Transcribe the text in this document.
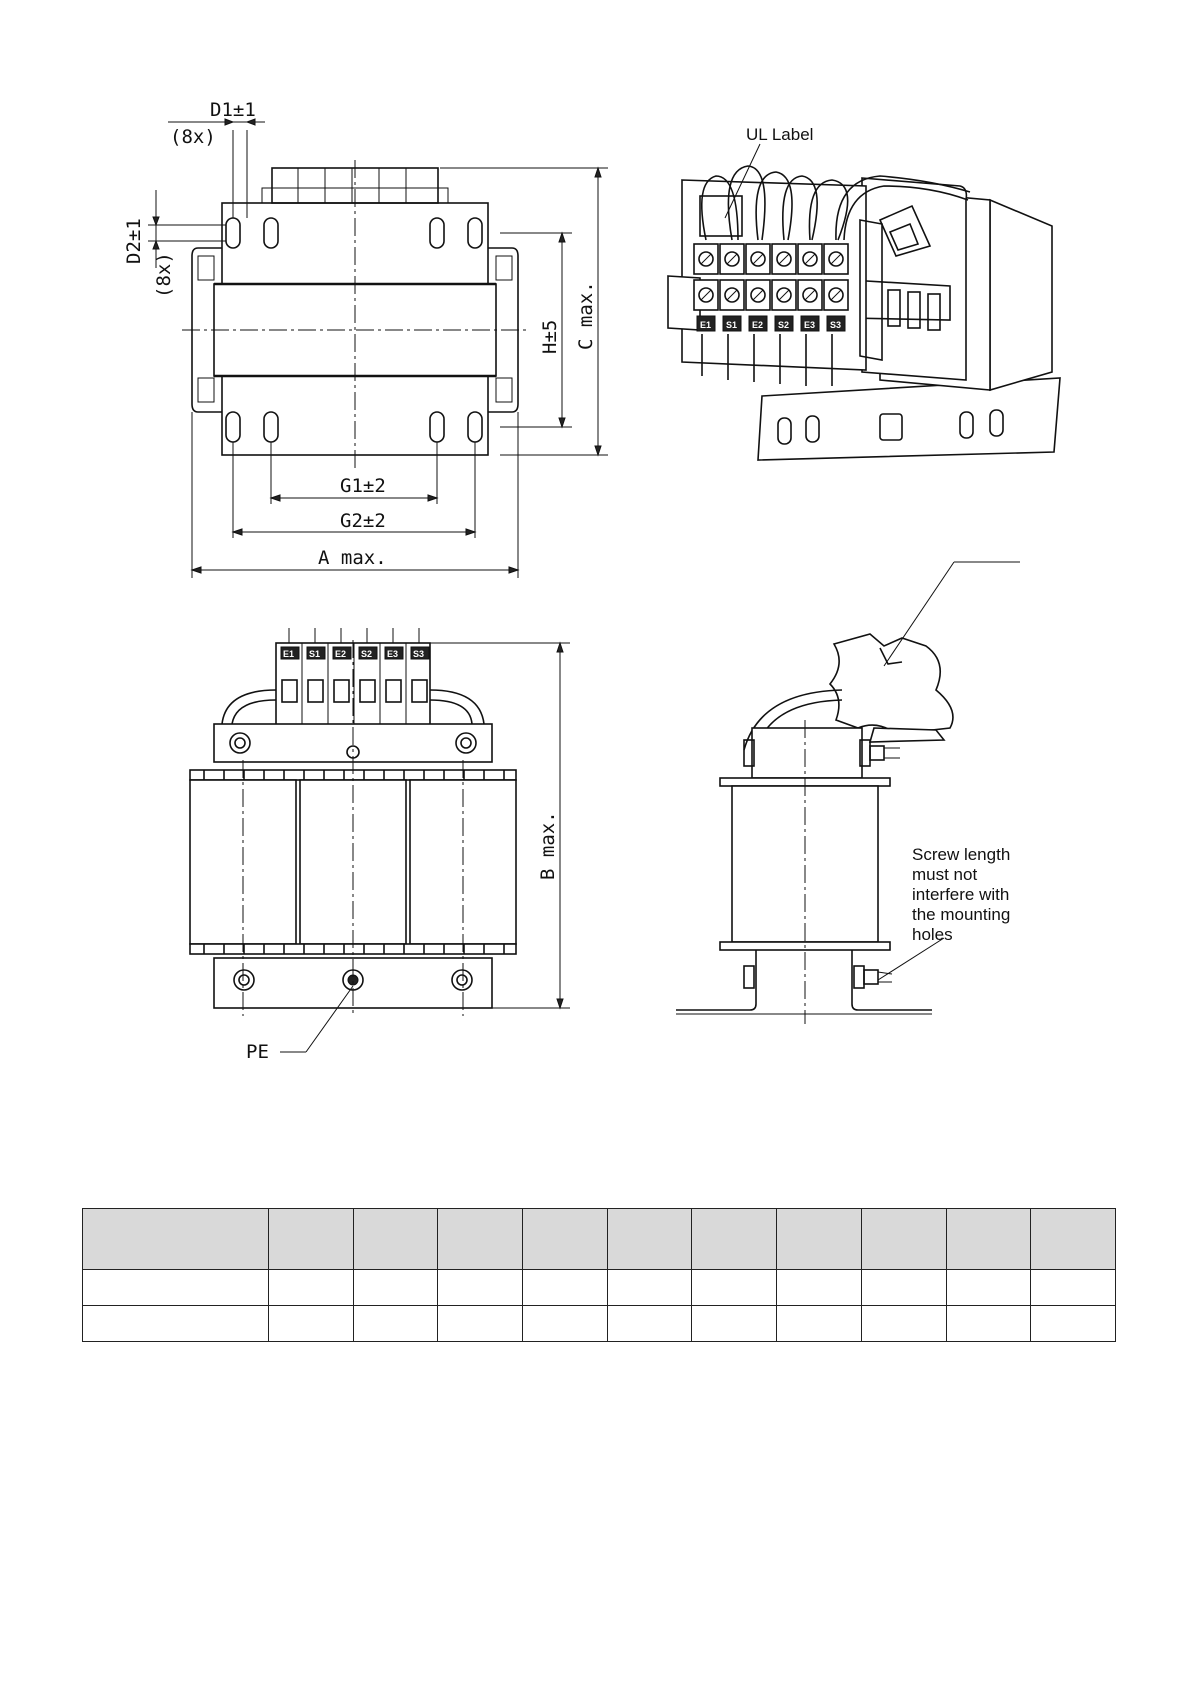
D1±1
(8x)
D2±1
(8x)
H±5 C max.
G1±2
G2±2
A max.
E1 S1 E2 S2 E3 S3
UL Label
E1 S1 E2 S2 E3 S3
B max.
PE
Screw length
must not
interfere with
the mounting
holes
